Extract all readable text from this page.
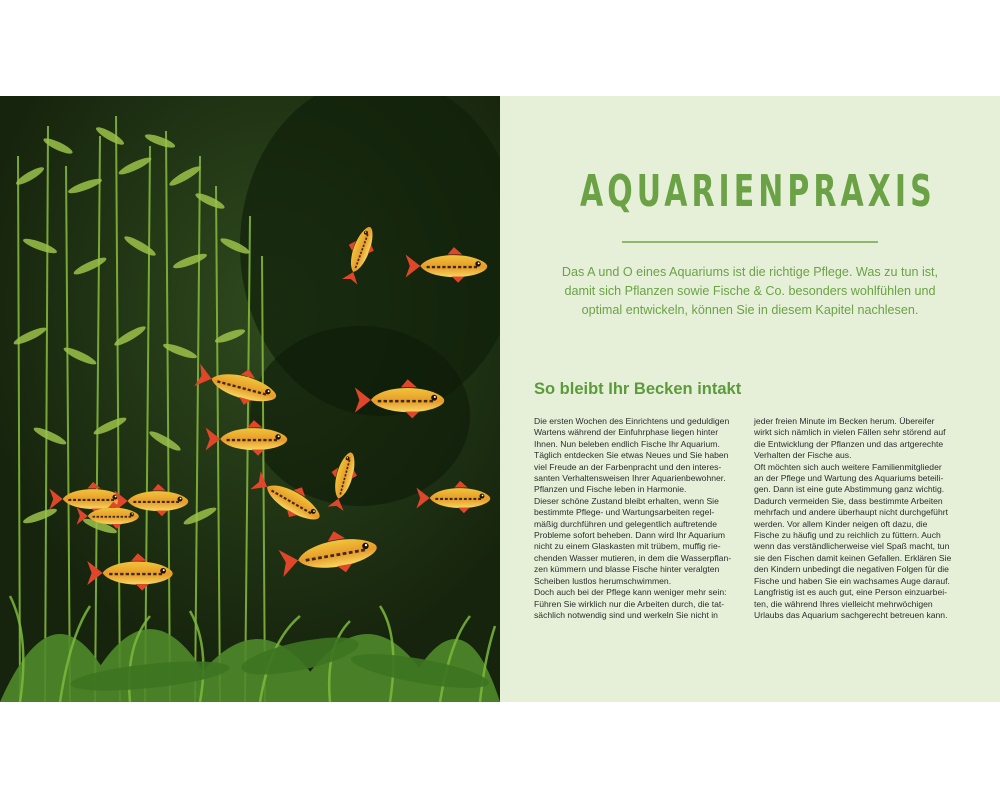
AQUARIENPRAXIS

Das A und O eines Aquariums ist die richtige Pflege. Was zu tun ist,

damit sich Pflanzen sowie Fische & Co. besonders wohlfühlen und

optimal entwickeln, können Sie in diesem Kapitel nachlesen.

So bleibt Ihr Becken intakt

Die ersten Wochen des Einrichtens und geduldigen

Wartens während der Einfuhrphase liegen hinter

Ihnen. Nun beleben endlich Fische Ihr Aquarium.

Täglich entdecken Sie etwas Neues und Sie haben

viel Freude an der Farbenpracht und den interes-

santen Verhaltensweisen Ihrer Aquarienbewohner.

Pflanzen und Fische leben in Harmonie.

Dieser schöne Zustand bleibt erhalten, wenn Sie

bestimmte Pflege- und Wartungsarbeiten regel-

mäßig durchführen und gelegentlich auftretende

Probleme sofort beheben. Dann wird Ihr Aquarium

nicht zu einem Glaskasten mit trübem, muffig rie-

chenden Wasser mutieren, in dem die Wasserpflan-

zen kümmern und blasse Fische hinter veralgten

Scheiben lustlos herumschwimmen.

Doch auch bei der Pflege kann weniger mehr sein:

Führen Sie wirklich nur die Arbeiten durch, die tat-

sächlich notwendig sind und werkeln Sie nicht in

jeder freien Minute im Becken herum. Übereifer

wirkt sich nämlich in vielen Fällen sehr störend auf

die Entwicklung der Pflanzen und das artgerechte

Verhalten der Fische aus.

Oft möchten sich auch weitere Familienmitglieder

an der Pflege und Wartung des Aquariums beteili-

gen. Dann ist eine gute Abstimmung ganz wichtig.

Dadurch vermeiden Sie, dass bestimmte Arbeiten

mehrfach und andere überhaupt nicht durchgeführt

werden. Vor allem Kinder neigen oft dazu, die

Fische zu häufig und zu reichlich zu füttern. Auch

wenn das verständlicherweise viel Spaß macht, tun

sie den Fischen damit keinen Gefallen. Erklären Sie

den Kindern unbedingt die negativen Folgen für die

Fische und haben Sie ein wachsames Auge darauf.

Langfristig ist es auch gut, eine Person einzuarbei-

ten, die während Ihres vielleicht mehrwöchigen

Urlaubs das Aquarium sachgerecht betreuen kann.
